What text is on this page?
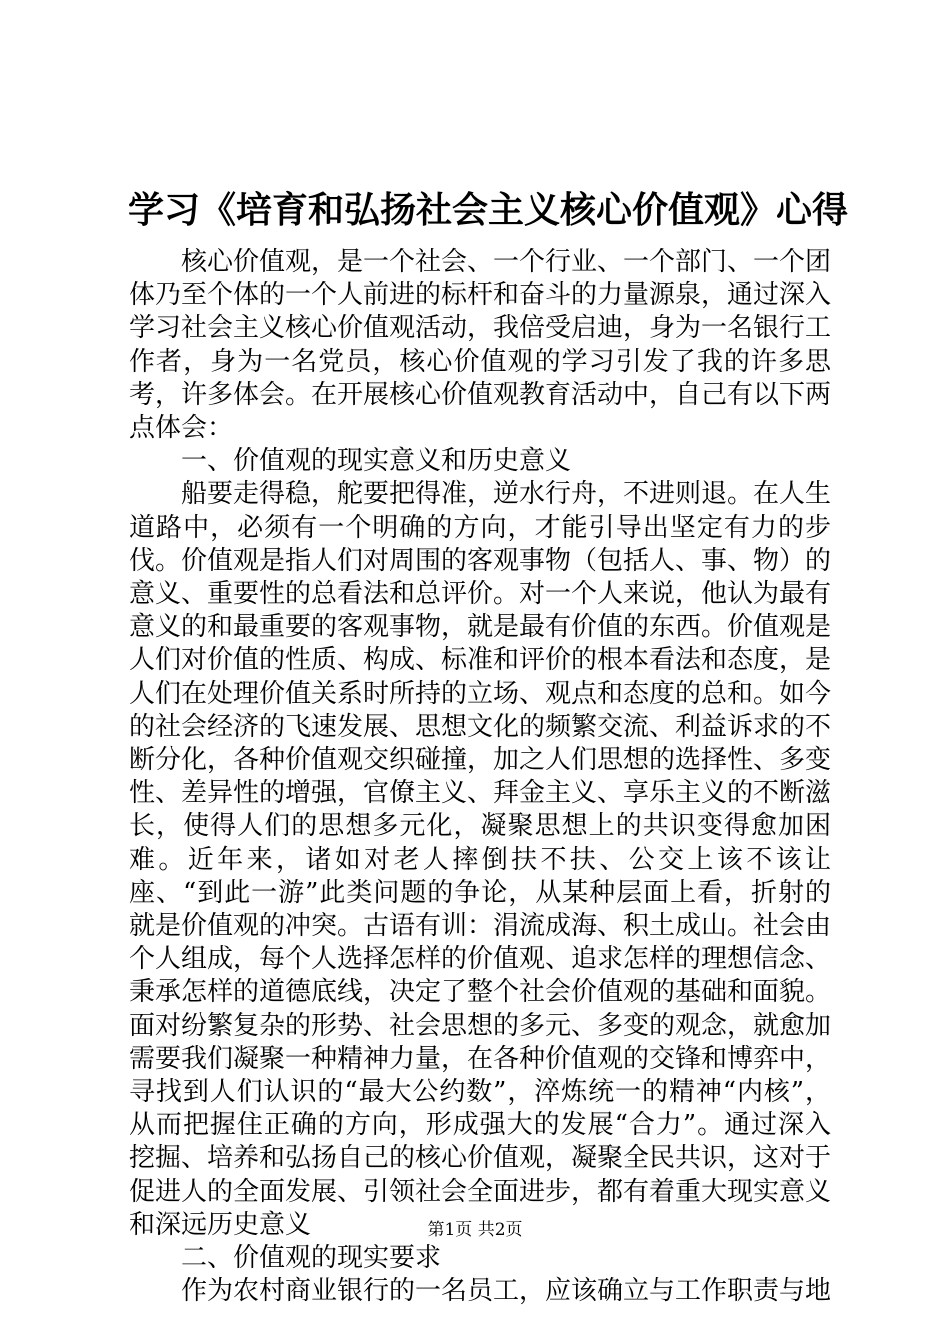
学习《培育和弘扬社会主义核心价值观》心得

核心价值观，是一个社会、一个行业、一个部门、一个团体乃至个体的一个人前进的标杆和奋斗的力量源泉，通过深入学习社会主义核心价值观活动，我倍受启迪，身为一名银行工作者，身为一名党员，核心价值观的学习引发了我的许多思考，许多体会。在开展核心价值观教育活动中，自己有以下两点体会：

一、价值观的现实意义和历史意义

船要走得稳，舵要把得准，逆水行舟，不进则退。在人生道路中，必须有一个明确的方向，才能引导出坚定有力的步伐。价值观是指人们对周围的客观事物（包括人、事、物）的意义、重要性的总看法和总评价。对一个人来说，他认为最有意义的和最重要的客观事物，就是最有价值的东西。价值观是人们对价值的性质、构成、标准和评价的根本看法和态度，是人们在处理价值关系时所持的立场、观点和态度的总和。如今的社会经济的飞速发展、思想文化的频繁交流、利益诉求的不断分化，各种价值观交织碰撞，加之人们思想的选择性、多变性、差异性的增强，官僚主义、拜金主义、享乐主义的不断滋长，使得人们的思想多元化，凝聚思想上的共识变得愈加困难。近年来，诸如对老人摔倒扶不扶、公交上该不该让座、“到此一游”此类问题的争论，从某种层面上看，折射的就是价值观的冲突。古语有训：涓流成海、积土成山。社会由个人组成，每个人选择怎样的价值观、追求怎样的理想信念、秉承怎样的道德底线，决定了整个社会价值观的基础和面貌。面对纷繁复杂的形势、社会思想的多元、多变的观念，就愈加需要我们凝聚一种精神力量，在各种价值观的交锋和博弈中，寻找到人们认识的“最大公约数”，淬炼统一的精神“内核”，从而把握住正确的方向，形成强大的发展“合力”。通过深入挖掘、培养和弘扬自己的核心价值观，凝聚全民共识，这对于促进人的全面发展、引领社会全面进步，都有着重大现实意义和深远历史意义

二、价值观的现实要求

作为农村商业银行的一名员工，应该确立与工作职责与地

第1页 共2页
